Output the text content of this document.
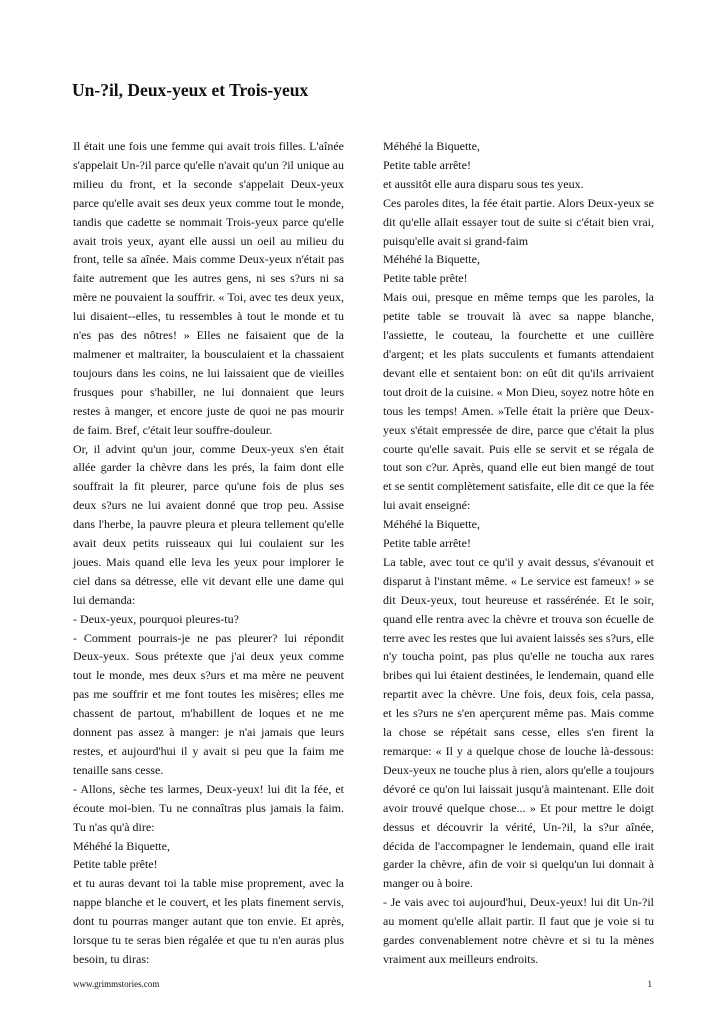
Un-?il, Deux-yeux et Trois-yeux

Il était une fois une femme qui avait trois filles. L'aînée s'appelait Un-?il parce qu'elle n'avait qu'un ?il unique au milieu du front, et la seconde s'appelait Deux-yeux parce qu'elle avait ses deux yeux comme tout le monde, tandis que cadette se nommait Trois-yeux parce qu'elle avait trois yeux, ayant elle aussi un oeil au milieu du front, telle sa aînée. Mais comme Deux-yeux n'était pas faite autrement que les autres gens, ni ses s?urs ni sa mère ne pouvaient la souffrir. « Toi, avec tes deux yeux, lui disaient--elles, tu ressembles à tout le monde et tu n'es pas des nôtres! » Elles ne faisaient que de la malmener et maltraiter, la bousculaient et la chassaient toujours dans les coins, ne lui laissaient que de vieilles frusques pour s'habiller, ne lui donnaient que leurs restes à manger, et encore juste de quoi ne pas mourir de faim. Bref, c'était leur souffre-douleur.

Or, il advint qu'un jour, comme Deux-yeux s'en était allée garder la chèvre dans les prés, la faim dont elle souffrait la fit pleurer, parce qu'une fois de plus ses deux s?urs ne lui avaient donné que trop peu. Assise dans l'herbe, la pauvre pleura et pleura tellement qu'elle avait deux petits ruisseaux qui lui coulaient sur les joues. Mais quand elle leva les yeux pour implorer le ciel dans sa détresse, elle vit devant elle une dame qui lui demanda:

- Deux-yeux, pourquoi pleures-tu?

- Comment pourrais-je ne pas pleurer? lui répondit Deux-yeux. Sous prétexte que j'ai deux yeux comme tout le monde, mes deux s?urs et ma mère ne peuvent pas me souffrir et me font toutes les misères; elles me chassent de partout, m'habillent de loques et ne me donnent pas assez à manger: je n'ai jamais que leurs restes, et aujourd'hui il y avait si peu que la faim me tenaille sans cesse.

- Allons, sèche tes larmes, Deux-yeux! lui dit la fée, et écoute moi-bien. Tu ne connaîtras plus jamais la faim. Tu n'as qu'à dire:

Méhéhé la Biquette,

Petite table prête!

et tu auras devant toi la table mise proprement, avec la nappe blanche et le couvert, et les plats finement servis, dont tu pourras manger autant que ton envie. Et après, lorsque tu te seras bien régalée et que tu n'en auras plus besoin, tu diras:

Méhéhé la Biquette,

Petite table arrête!

et aussitôt elle aura disparu sous tes yeux.

Ces paroles dites, la fée était partie. Alors Deux-yeux se dit qu'elle allait essayer tout de suite si c'était bien vrai, puisqu'elle avait si grand-faim

Méhéhé la Biquette,

Petite table prête!

Mais oui, presque en même temps que les paroles, la petite table se trouvait là avec sa nappe blanche, l'assiette, le couteau, la fourchette et une cuillère d'argent; et les plats succulents et fumants attendaient devant elle et sentaient bon: on eût dit qu'ils arrivaient tout droit de la cuisine. « Mon Dieu, soyez notre hôte en tous les temps! Amen. »Telle était la prière que Deux-yeux s'était empressée de dire, parce que c'était la plus courte qu'elle savait. Puis elle se servit et se régala de tout son c?ur. Après, quand elle eut bien mangé de tout et se sentit complètement satisfaite, elle dit ce que la fée lui avait enseigné:

Méhéhé la Biquette,

Petite table arrête!

La table, avec tout ce qu'il y avait dessus, s'évanouit et disparut à l'instant même. « Le service est fameux! » se dit Deux-yeux, tout heureuse et rassérénée. Et le soir, quand elle rentra avec la chèvre et trouva son écuelle de terre avec les restes que lui avaient laissés ses s?urs, elle n'y toucha point, pas plus qu'elle ne toucha aux rares bribes qui lui étaient destinées, le lendemain, quand elle repartit avec la chèvre. Une fois, deux fois, cela passa, et les s?urs ne s'en aperçurent même pas. Mais comme la chose se répétait sans cesse, elles s'en firent la remarque: « Il y a quelque chose de louche là-dessous: Deux-yeux ne touche plus à rien, alors qu'elle a toujours dévoré ce qu'on lui laissait jusqu'à maintenant. Elle doit avoir trouvé quelque chose... » Et pour mettre le doigt dessus et découvrir la vérité, Un-?il, la s?ur aînée, décida de l'accompagner le lendemain, quand elle irait garder la chèvre, afin de voir si quelqu'un lui donnait à manger ou à boire.

- Je vais avec toi aujourd'hui, Deux-yeux! lui dit Un-?il au moment qu'elle allait partir. Il faut que je voie si tu gardes convenablement notre chèvre et si tu la mènes vraiment aux meilleurs endroits.

www.grimmstories.com	1
